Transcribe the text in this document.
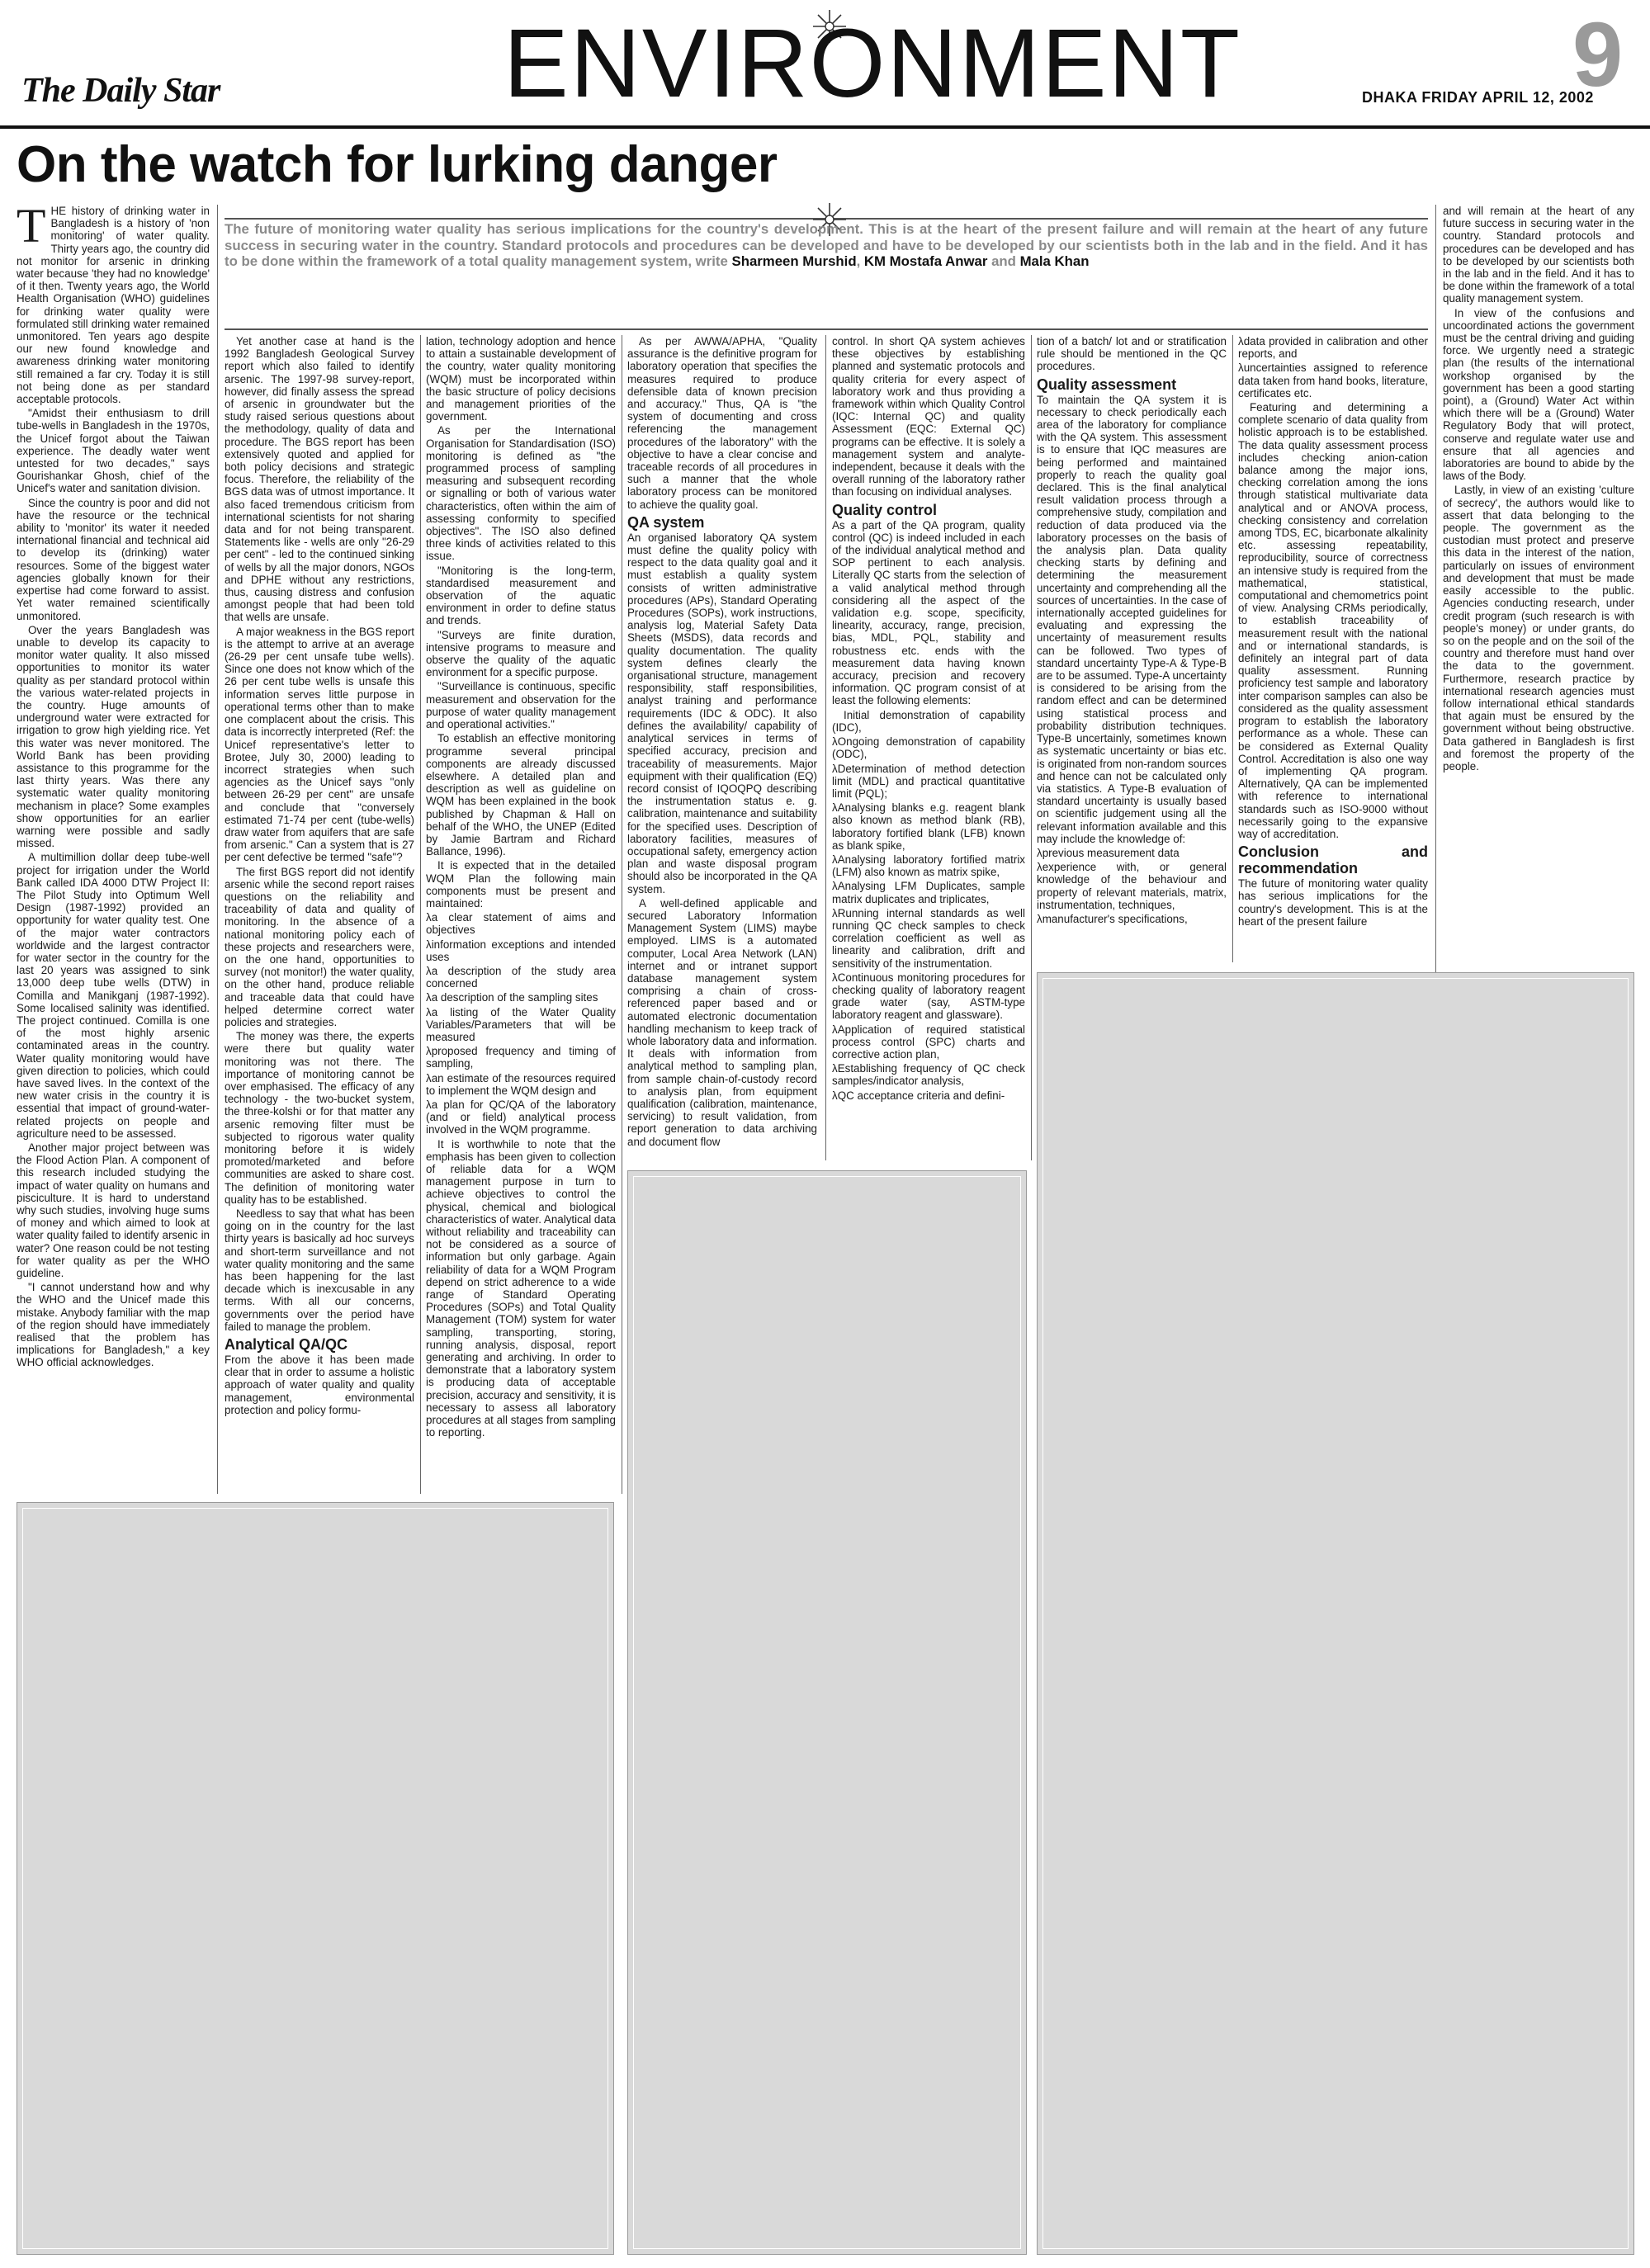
The Daily Star	ENVIRONMENT	DHAKA FRIDAY APRIL 12, 2002
9
On the watch for lurking danger
The future of monitoring water quality has serious implications for the country's development. This is at the heart of the present failure and will remain at the heart of any future success in securing water in the country. Standard protocols and procedures can be developed and have to be developed by our scientists both in the lab and in the field. And it has to be done within the framework of a total quality management system, write Sharmeen Murshid, KM Mostafa Anwar and Mala Khan

THE history of drinking water in Bangladesh is a history of 'non monitoring' of water quality. Thirty years ago, the country did not monitor for arsenic in drinking water because 'they had no knowledge' of it then. Twenty years ago, the World Health Organisation (WHO) guidelines for drinking water quality were formulated still drinking water remained unmonitored. Ten years ago despite our new found knowledge and awareness drinking water monitoring still remained a far cry. Today it is still not being done as per standard acceptable protocols.

"Amidst their enthusiasm to drill tube-wells in Bangladesh in the 1970s, the Unicef forgot about the Taiwan experience. The deadly water went untested for two decades," says Gourishankar Ghosh, chief of the Unicef's water and sanitation division.

Since the country is poor and did not have the resource or the technical ability to 'monitor' its water it needed international financial and technical aid to develop its (drinking) water resources. Some of the biggest water agencies globally known for their expertise had come forward to assist. Yet water remained scientifically unmonitored.

Over the years Bangladesh was unable to develop its capacity to monitor water quality. It also missed opportunities to monitor its water quality as per standard protocol within the various water-related projects in the country. Huge amounts of underground water were extracted for irrigation to grow high yielding rice. Yet this water was never monitored. The World Bank has been providing assistance to this programme for the last thirty years. Was there any systematic water quality monitoring mechanism in place? Some examples show opportunities for an earlier warning were possible and sadly missed.

A multimillion dollar deep tube-well project for irrigation under the World Bank called IDA 4000 DTW Project II: The Pilot Study into Optimum Well Design (1987-1992) provided an opportunity for water quality test. One of the major water contractors worldwide and the largest contractor for water sector in the country for the last 20 years was assigned to sink 13,000 deep tube wells (DTW) in Comilla and Manikganj (1987-1992). Some localised salinity was identified. The project continued. Comilla is one of the most highly arsenic contaminated areas in the country. Water quality monitoring would have given direction to policies, which could have saved lives. In the context of the new water crisis in the country it is essential that impact of ground-water-related projects on people and agriculture need to be assessed.

Another major project between was the Flood Action Plan. A component of this research included studying the impact of water quality on humans and pisciculture. It is hard to understand why such studies, involving huge sums of money and which aimed to look at water quality failed to identify arsenic in water? One reason could be not testing for water quality as per the WHO guideline.

"I cannot understand how and why the WHO and the Unicef made this mistake. Anybody familiar with the map of the region should have immediately realised that the problem has implications for Bangladesh," a key WHO official acknowledges.

Yet another case at hand is the 1992 Bangladesh Geological Survey report which also failed to identify arsenic. The 1997-98 survey-report, however, did finally assess the spread of arsenic in groundwater but the study raised serious questions about the methodology, quality of data and procedure. The BGS report has been extensively quoted and applied for both policy decisions and strategic focus. Therefore, the reliability of the BGS data was of utmost importance. It also faced tremendous criticism from international scientists for not sharing data and for not being transparent. Statements like - wells are only "26-29 per cent" - led to the continued sinking of wells by all the major donors, NGOs and DPHE without any restrictions, thus, causing distress and confusion amongst people that had been told that wells are unsafe.

A major weakness in the BGS report is the attempt to arrive at an average (26-29 per cent unsafe tube wells). Since one does not know which of the 26 per cent tube wells is unsafe this information serves little purpose in operational terms other than to make one complacent about the crisis. This data is incorrectly interpreted (Ref: the Unicef representative's letter to Brotee, July 30, 2000) leading to incorrect strategies when such agencies as the Unicef says "only between 26-29 per cent" are unsafe and conclude that "conversely estimated 71-74 per cent (tube-wells) draw water from aquifers that are safe from arsenic." Can a system that is 27 per cent defective be termed "safe"?

The first BGS report did not identify arsenic while the second report raises questions on the reliability and traceability of data and quality of monitoring. In the absence of a national monitoring policy each of these projects and researchers were, on the one hand, opportunities to survey (not monitor!) the water quality, on the other hand, produce reliable and traceable data that could have helped determine correct water policies and strategies.

The money was there, the experts were there but quality water monitoring was not there. The importance of monitoring cannot be over emphasised. The efficacy of any technology - the two-bucket system, the three-kolshi or for that matter any arsenic removing filter must be subjected to rigorous water quality monitoring before it is widely promoted/marketed and before communities are asked to share cost. The definition of monitoring water quality has to be established.

Needless to say that what has been going on in the country for the last thirty years is basically ad hoc surveys and short-term surveillance and not water quality monitoring and the same has been happening for the last decade which is inexcusable in any terms. With all our concerns, governments over the period have failed to manage the problem.

Analytical QA/QC

From the above it has been made clear that in order to assume a holistic approach of water quality and quality management, environmental protection and policy formu-

lation, technology adoption and hence to attain a sustainable development of the country, water quality monitoring (WQM) must be incorporated within the basic structure of policy decisions and management priorities of the government.

As per the International Organisation for Standardisation (ISO) monitoring is defined as "the programmed process of sampling measuring and subsequent recording or signalling or both of various water characteristics, often within the aim of assessing conformity to specified objectives". The ISO also defined three kinds of activities related to this issue.

"Monitoring is the long-term, standardised measurement and observation of the aquatic environment in order to define status and trends.

"Surveys are finite duration, intensive programs to measure and observe the quality of the aquatic environment for a specific purpose.

"Surveillance is continuous, specific measurement and observation for the purpose of water quality management and operational activities."

To establish an effective monitoring programme several principal components are already discussed elsewhere. A detailed plan and description as well as guideline on WQM has been explained in the book published by Chapman & Hall on behalf of the WHO, the UNEP (Edited by Jamie Bartram and Richard Ballance, 1996).

It is expected that in the detailed WQM Plan the following main components must be present and maintained:

λ a clear statement of aims and objectives

λ information exceptions and intended uses

λ a description of the study area concerned

λ a description of the sampling sites

λ a listing of the Water Quality Variables/Parameters that will be measured

λ proposed frequency and timing of sampling,

λ an estimate of the resources required to implement the WQM design and

λ a plan for QC/QA of the laboratory (and or field) analytical process involved in the WQM programme.

It is worthwhile to note that the emphasis has been given to collection of reliable data for a WQM management purpose in turn to achieve objectives to control the physical, chemical and biological characteristics of water. Analytical data without reliability and traceability can not be considered as a source of information but only garbage. Again reliability of data for a WQM Program depend on strict adherence to a wide range of Standard Operating Procedures (SOPs) and Total Quality Management (TOM) system for water sampling, transporting, storing, running analysis, disposal, report generating and archiving. In order to demonstrate that a laboratory system is producing data of acceptable precision, accuracy and sensitivity, it is necessary to assess all laboratory procedures at all stages from sampling to reporting.

As per AWWA/APHA, "Quality assurance is the definitive program for laboratory operation that specifies the measures required to produce defensible data of known precision and accuracy." Thus, QA is "the system of documenting and cross referencing the management procedures of the laboratory" with the objective to have a clear concise and traceable records of all procedures in such a manner that the whole laboratory process can be monitored to achieve the quality goal.

QA system

An organised laboratory QA system must define the quality policy with respect to the data quality goal and it must establish a quality system consists of written administrative procedures (APs), Standard Operating Procedures (SOPs), work instructions, analysis log, Material Safety Data Sheets (MSDS), data records and quality documentation. The quality system defines clearly the organisational structure, management responsibility, staff responsibilities, analyst training and performance requirements (IDC & ODC). It also defines the availability/ capability of analytical services in terms of specified accuracy, precision and traceability of measurements. Major equipment with their qualification (EQ) record consist of IQOQPQ describing the instrumentation status e. g. calibration, maintenance and suitability for the specified uses. Description of laboratory facilities, measures of occupational safety, emergency action plan and waste disposal program should also be incorporated in the QA system.

A well-defined applicable and secured Laboratory Information Management System (LIMS) maybe employed. LIMS is a automated computer, Local Area Network (LAN) internet and or intranet support database management system comprising a chain of cross-referenced paper based and or automated electronic documentation handling mechanism to keep track of whole laboratory data and information. It deals with information from analytical method to sampling plan, from sample chain-of-custody record to analysis plan, from equipment qualification (calibration, maintenance, servicing) to result validation, from report generation to data archiving and document flow

control. In short QA system achieves these objectives by establishing planned and systematic protocols and quality criteria for every aspect of laboratory work and thus providing a framework within which Quality Control (IQC: Internal QC) and quality Assessment (EQC: External QC) programs can be effective. It is solely a management system and analyte-independent, because it deals with the overall running of the laboratory rather than focusing on individual analyses.

Quality control

As a part of the QA program, quality control (QC) is indeed included in each of the individual analytical method and SOP pertinent to each analysis. Literally QC starts from the selection of a valid analytical method through considering all the aspect of the validation e.g. scope, specificity, linearity, accuracy, range, precision, bias, MDL, PQL, stability and robustness etc. ends with the measurement data having known accuracy, precision and recovery information. QC program consist of at least the following elements:

Initial demonstration of capability (IDC),

λ Ongoing demonstration of capability (ODC),

λ Determination of method detection limit (MDL) and practical quantitative limit (PQL);

λ Analysing blanks e.g. reagent blank also known as method blank (RB), laboratory fortified blank (LFB) known as blank spike,

λ Analysing laboratory fortified matrix (LFM) also known as matrix spike,

λ Analysing LFM Duplicates, sample matrix duplicates and triplicates,

λ Running internal standards as well running QC check samples to check correlation coefficient as well as linearity and calibration, drift and sensitivity of the instrumentation.

λ Continuous monitoring procedures for checking quality of laboratory reagent grade water (say, ASTM-type laboratory reagent and glassware).

λ Application of required statistical process control (SPC) charts and corrective action plan,

λ Establishing frequency of QC check samples/indicator analysis,

λ QC acceptance criteria and defini-

tion of a batch/ lot and or stratification rule should be mentioned in the QC procedures.

Quality assessment

To maintain the QA system it is necessary to check periodically each area of the laboratory for compliance with the QA system. This assessment is to ensure that IQC measures are being performed and maintained properly to reach the quality goal declared. This is the final analytical result validation process through a comprehensive study, compilation and reduction of data produced via the laboratory processes on the basis of the analysis plan. Data quality checking starts by defining and determining the measurement uncertainty and comprehending all the sources of uncertainties. In the case of internationally accepted guidelines for evaluating and expressing the uncertainty of measurement results can be followed. Two types of standard uncertainty Type-A & Type-B are to be assumed. Type-A uncertainty is considered to be arising from the random effect and can be determined using statistical process and probability distribution techniques. Type-B uncertainly, sometimes known as systematic uncertainty or bias etc. is originated from non-random sources and hence can not be calculated only via statistics. A Type-B evaluation of standard uncertainty is usually based on scientific judgement using all the relevant information available and this may include the knowledge of:

λ previous measurement data

λ experience with, or general knowledge of the behaviour and property of relevant materials, matrix, instrumentation, techniques,

λ manufacturer's specifications,

λ data provided in calibration and other reports, and

λ uncertainties assigned to reference data taken from hand books, literature, certificates etc.

Featuring and determining a complete scenario of data quality from holistic approach is to be established. The data quality assessment process includes checking anion-cation balance among the major ions, checking correlation among the ions through statistical multivariate data analytical and or ANOVA process, checking consistency and correlation among TDS, EC, bicarbonate alkalinity etc. assessing repeatability, reproducibility, source of correctness an intensive study is required from the mathematical, statistical, computational and chemometrics point of view. Analysing CRMs periodically, to establish traceability of measurement result with the national and or international standards, is definitely an integral part of data quality assessment. Running proficiency test sample and laboratory inter comparison samples can also be considered as the quality assessment program to establish the laboratory performance as a whole. These can be considered as External Quality Control. Accreditation is also one way of implementing QA program. Alternatively, QA can be implemented with reference to international standards such as ISO-9000 without necessarily going to the expansive way of accreditation.

Conclusion and recommendation

The future of monitoring water quality has serious implications for the country's development. This is at the heart of the present failure

and will remain at the heart of any future success in securing water in the country. Standard protocols and procedures can be developed and has to be developed by our scientists both in the lab and in the field. And it has to be done within the framework of a total quality management system.

In view of the confusions and uncoordinated actions the government must be the central driving and guiding force. We urgently need a strategic plan (the results of the international workshop organised by the government has been a good starting point), a (Ground) Water Act within which there will be a (Ground) Water Regulatory Body that will protect, conserve and regulate water use and ensure that all agencies and laboratories are bound to abide by the laws of the Body.

Lastly, in view of an existing 'culture of secrecy', the authors would like to assert that data belonging to the people. The government as the custodian must protect and preserve this data in the interest of the nation, particularly on issues of environment and development that must be made easily accessible to the public. Agencies conducting research, under credit program (such research is with people's money) or under grants, do so on the people and on the soil of the country and therefore must hand over the data to the government. Furthermore, research practice by international research agencies must follow international ethical standards that again must be ensured by the government without being obstructive. Data gathered in Bangladesh is first and foremost the property of the people.
